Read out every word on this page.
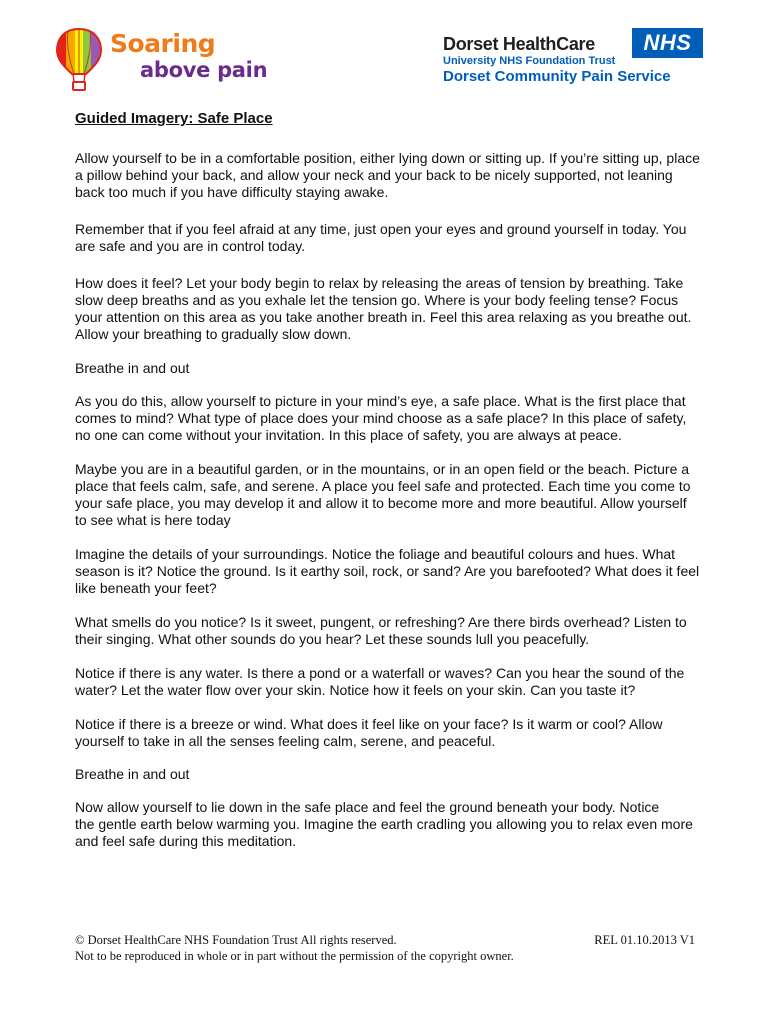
Soaring
above pain
Dorset HealthCare	NHS
University NHS Foundation Trust
Dorset Community Pain Service
Guided Imagery: Safe Place

Allow yourself to be in a comfortable position, either lying down or sitting up. If you’re sitting up, place a pillow behind your back, and allow your neck and your back to be nicely supported, not leaning back too much if you have difficulty staying awake.

Remember that if you feel afraid at any time, just open your eyes and ground yourself in today. You are safe and you are in control today.

How does it feel? Let your body begin to relax by releasing the areas of tension by breathing. Take slow deep breaths and as you exhale let the tension go. Where is your body feeling tense? Focus your attention on this area as you take another breath in. Feel this area relaxing as you breathe out. Allow your breathing to gradually slow down.

Breathe in and out

As you do this, allow yourself to picture in your mind’s eye, a safe place. What is the first place that comes to mind? What type of place does your mind choose as a safe place? In this place of safety, no one can come without your invitation. In this place of safety, you are always at peace.

Maybe you are in a beautiful garden, or in the mountains, or in an open field or the beach. Picture a place that feels calm, safe, and serene. A place you feel safe and protected. Each time you come to your safe place, you may develop it and allow it to become more and more beautiful. Allow yourself to see what is here today

Imagine the details of your surroundings. Notice the foliage and beautiful colours and hues. What season is it? Notice the ground. Is it earthy soil, rock, or sand? Are you barefooted? What does it feel like beneath your feet?

What smells do you notice? Is it sweet, pungent, or refreshing? Are there birds overhead? Listen to their singing. What other sounds do you hear? Let these sounds lull you peacefully.

Notice if there is any water. Is there a pond or a waterfall or waves? Can you hear the sound of the water? Let the water flow over your skin. Notice how it feels on your skin. Can you taste it?

Notice if there is a breeze or wind. What does it feel like on your face? Is it warm or cool? Allow yourself to take in all the senses feeling calm, serene, and peaceful.

Breathe in and out

Now allow yourself to lie down in the safe place and feel the ground beneath your body. Notice

the gentle earth below warming you. Imagine the earth cradling you allowing you to relax even more and feel safe during this meditation.

© Dorset HealthCare NHS Foundation Trust All rights reserved.	REL 01.10.2013 V1
Not to be reproduced in whole or in part without the permission of the copyright owner.
